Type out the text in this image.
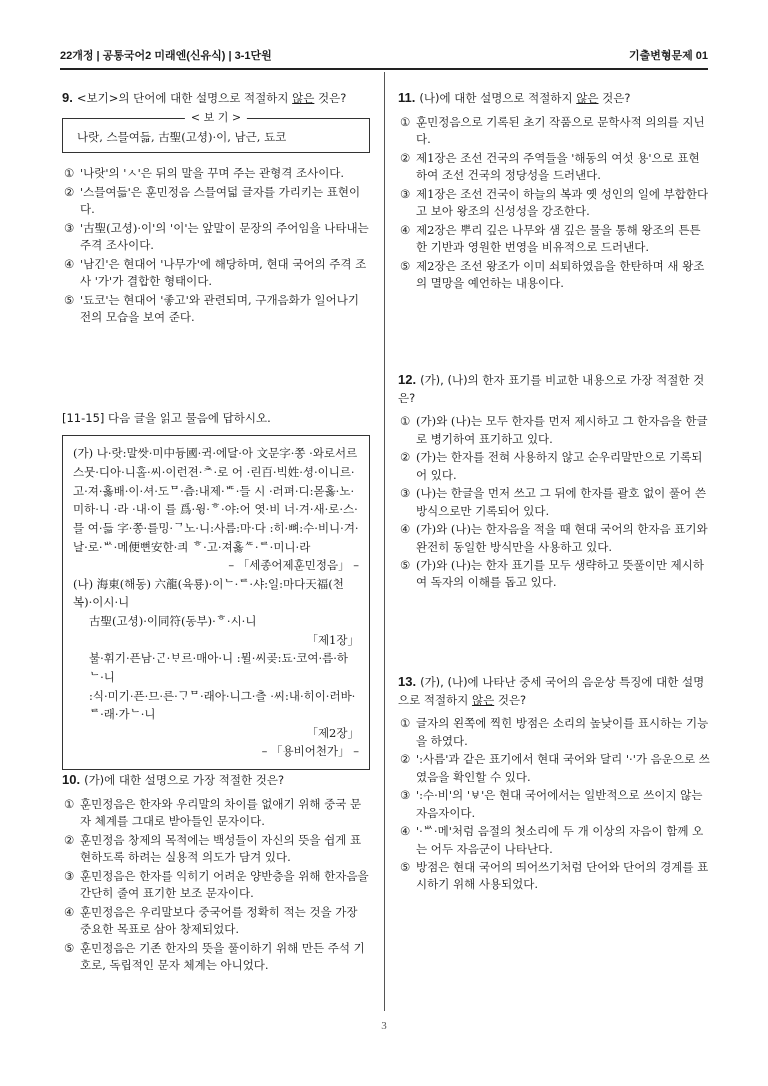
22개정 | 공통국어2 미래엔(신유식) | 3-1단원	기출변형문제 01
9. <보기>의 단어에 대한 설명으로 적절하지 않은 것은?
< 보 기 >
나랏, 스믈여듧, 古聖(고셩)·이, 남근, 됴코
① '나랏'의 'ㅅ'은 뒤의 말을 꾸며 주는 관형격 조사이다.
② '스믈여듧'은 훈민정음 스믈여덟 글자를 가리키는 표현이다.
③ '古聖(고셩)·이'의 '이'는 앞말이 문장의 주어임을 나타내는 주격 조사이다.
④ '남긴'은 현대어 '나무가'에 해당하며, 현대 국어의 주격 조사 '가'가 결합한 형태이다.
⑤ '됴코'는 현대어 '좋고'와 관련되며, 구개음화가 일어나기 전의 모습을 보여 준다.
[11-15] 다음 글을 읽고 물음에 답하시오.

(가) 나·랏:말쌋·미中듕國·귁·에달·아 文문字·쫑 ·와로서르스뭇·디아·니홀·씨·이런젼·ᄎ·로 어 ·린百·빅姓·셩·이니르·고·져·홇배·이·셔·도ᄆ·츰:내제·ᄠ·들 시 ·러펴·디:몯홇·노·미하·니 ·라 ·내·이 를 爲·윙·ᄒ·야:어 엿·비 너·겨·새·로·스·믈 여·듧 字·쫑·를밍·ᄀ노·니:사름:마·다 :히·뼈:수·비니·겨·날·로·ᄡ·메便뼌安한·킈 ᄒ·고·져홇ᄯ·ᄅ·미니·라

– 「세종어제훈민정음」 –

(나) 海東(해동) 六龍(육룡)·이ᄂ·ᄅ·샤:일:마다天福(천복)·이시·니

古聖(고셩)·이同符(동부)·ᄒ·시·니

「제1장」

불·휘기·픈남·ᄀᆞᆫ·ᄇᆞ르·매아·니 :뮐·씨곶:됴·코여·름·하ᄂ·니

:식·미기·픈·므·른·ᄀᆞᄆ·래아·니그·츨 ·씨:내·히이·러바·ᄅ·래·가ᄂ·니

「제2장」

– 「용비어천가」 –

10. (가)에 대한 설명으로 가장 적절한 것은?
① 훈민정음은 한자와 우리말의 차이를 없애기 위해 중국 문자 체계를 그대로 받아들인 문자이다.
② 훈민정음 창제의 목적에는 백성들이 자신의 뜻을 쉽게 표현하도록 하려는 실용적 의도가 담겨 있다.
③ 훈민정음은 한자를 익히기 어려운 양반층을 위해 한자음을 간단히 줄여 표기한 보조 문자이다.
④ 훈민정음은 우리말보다 중국어를 정확히 적는 것을 가장 중요한 목표로 삼아 창제되었다.
⑤ 훈민정음은 기존 한자의 뜻을 풀이하기 위해 만든 주석 기호로, 독립적인 문자 체계는 아니었다.
11. (나)에 대한 설명으로 적절하지 않은 것은?
① 훈민정음으로 기록된 초기 작품으로 문학사적 의의를 지닌다.
② 제1장은 조선 건국의 주역들을 '해동의 여섯 용'으로 표현하여 조선 건국의 정당성을 드러낸다.
③ 제1장은 조선 건국이 하늘의 복과 옛 성인의 일에 부합한다고 보아 왕조의 신성성을 강조한다.
④ 제2장은 뿌리 깊은 나무와 샘 깊은 물을 통해 왕조의 튼튼한 기반과 영원한 번영을 비유적으로 드러낸다.
⑤ 제2장은 조선 왕조가 이미 쇠퇴하였음을 한탄하며 새 왕조의 멸망을 예언하는 내용이다.
12. (가), (나)의 한자 표기를 비교한 내용으로 가장 적절한 것은?
① (가)와 (나)는 모두 한자를 먼저 제시하고 그 한자음을 한글로 병기하여 표기하고 있다.
② (가)는 한자를 전혀 사용하지 않고 순우리말만으로 기록되어 있다.
③ (나)는 한글을 먼저 쓰고 그 뒤에 한자를 괄호 없이 풀어 쓴 방식으로만 기록되어 있다.
④ (가)와 (나)는 한자음을 적을 때 현대 국어의 한자음 표기와 완전히 동일한 방식만을 사용하고 있다.
⑤ (가)와 (나)는 한자 표기를 모두 생략하고 뜻풀이만 제시하여 독자의 이해를 돕고 있다.
13. (가), (나)에 나타난 중세 국어의 음운상 특징에 대한 설명으로 적절하지 않은 것은?
① 글자의 왼쪽에 찍힌 방점은 소리의 높낮이를 표시하는 기능을 하였다.
② ':사름'과 같은 표기에서 현대 국어와 달리 '·'가 음운으로 쓰였음을 확인할 수 있다.
③ ':수·비'의 'ㅸ'은 현대 국어에서는 일반적으로 쓰이지 않는 자음자이다.
④ '·ᄡ·메'처럼 음절의 첫소리에 두 개 이상의 자음이 함께 오는 어두 자음군이 나타난다.
⑤ 방점은 현대 국어의 띄어쓰기처럼 단어와 단어의 경계를 표시하기 위해 사용되었다.
3
